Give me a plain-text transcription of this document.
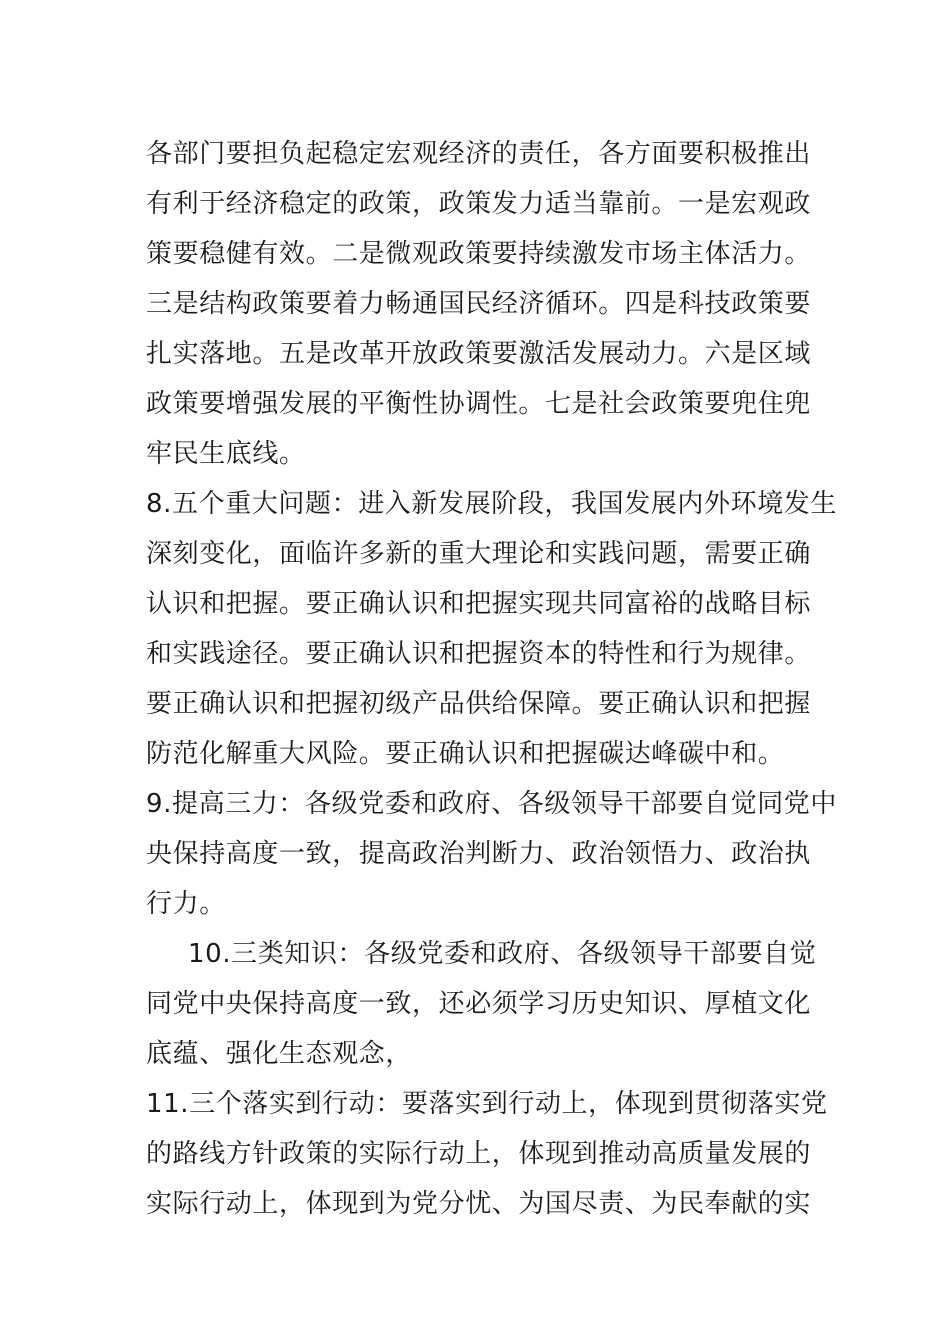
各部门要担负起稳定宏观经济的责任，各方面要积极推出
有利于经济稳定的政策，政策发力适当靠前。一是宏观政
策要稳健有效。二是微观政策要持续激发市场主体活力。
三是结构政策要着力畅通国民经济循环。四是科技政策要
扎实落地。五是改革开放政策要激活发展动力。六是区域
政策要增强发展的平衡性协调性。七是社会政策要兜住兜
牢民生底线。
8.五个重大问题：进入新发展阶段，我国发展内外环境发生
深刻变化，面临许多新的重大理论和实践问题，需要正确
认识和把握。要正确认识和把握实现共同富裕的战略目标
和实践途径。要正确认识和把握资本的特性和行为规律。
要正确认识和把握初级产品供给保障。要正确认识和把握
防范化解重大风险。要正确认识和把握碳达峰碳中和。
9.提高三力：各级党委和政府、各级领导干部要自觉同党中
央保持高度一致，提高政治判断力、政治领悟力、政治执
行力。
10.三类知识：各级党委和政府、各级领导干部要自觉
同党中央保持高度一致，还必须学习历史知识、厚植文化
底蕴、强化生态观念，
11.三个落实到行动：要落实到行动上，体现到贯彻落实党
的路线方针政策的实际行动上，体现到推动高质量发展的
实际行动上，体现到为党分忧、为国尽责、为民奉献的实
